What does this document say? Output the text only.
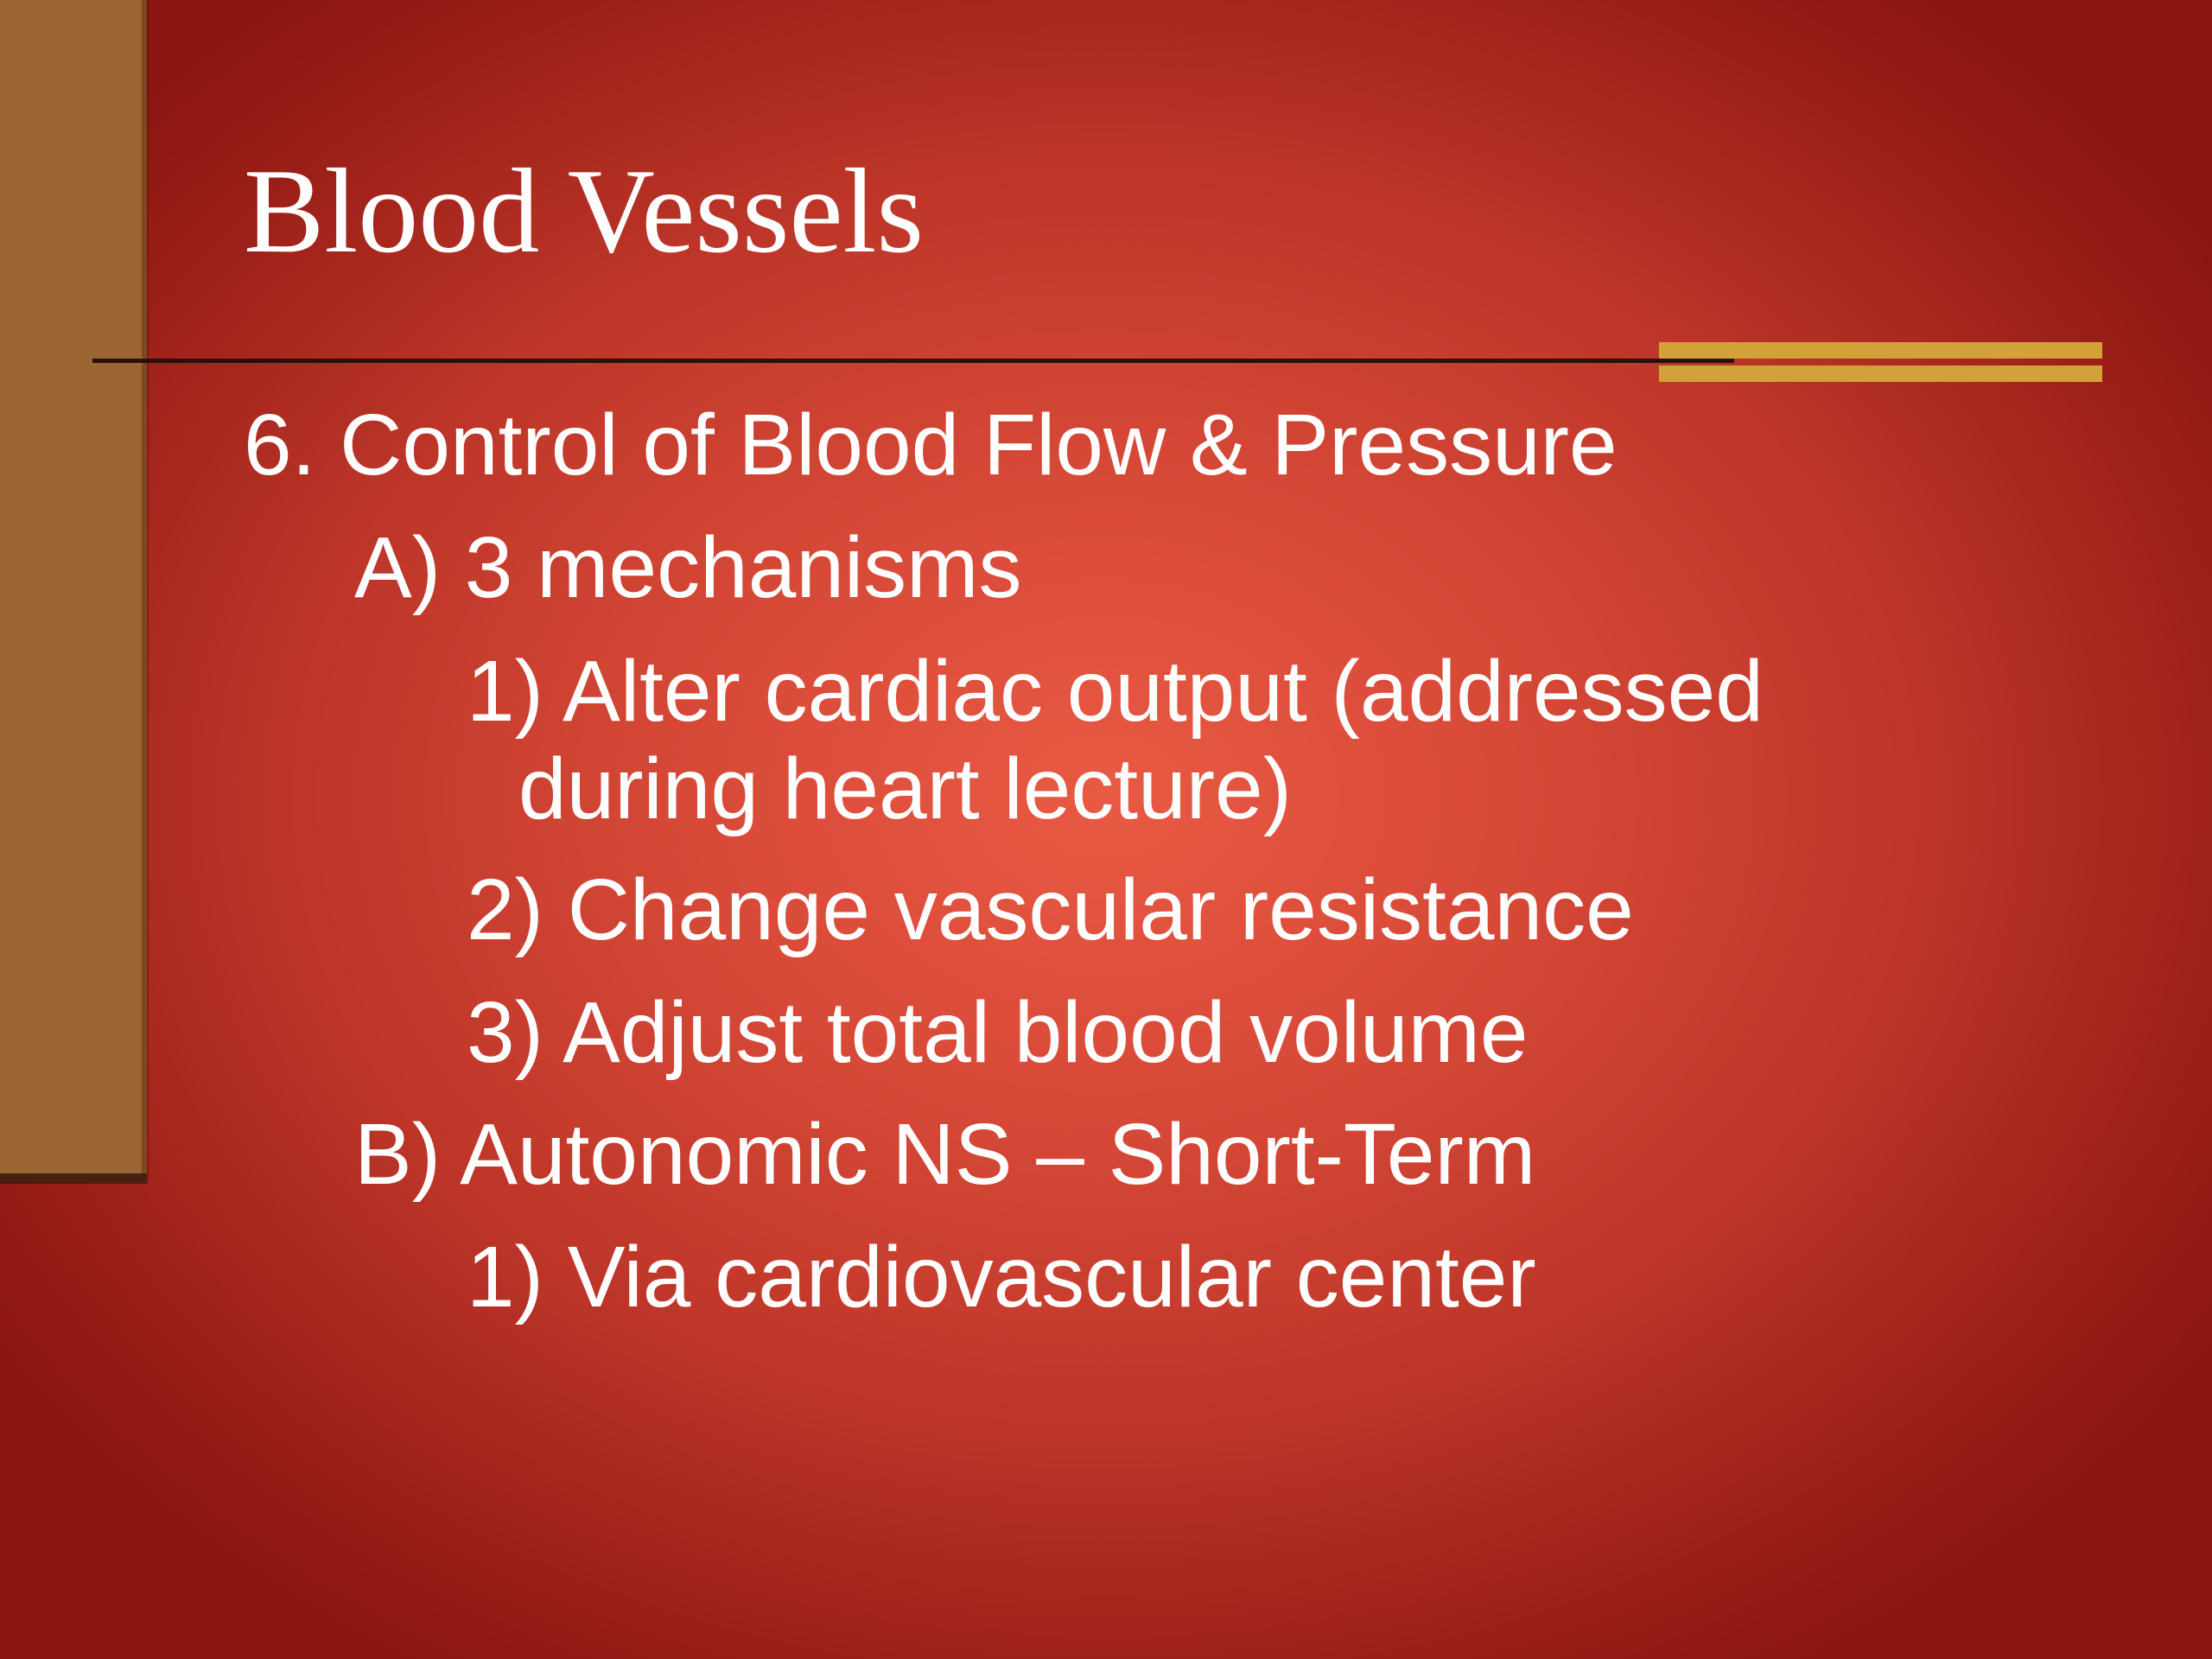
Blood Vessels
6. Control of Blood Flow & Pressure
A) 3 mechanisms
1) Alter cardiac output (addressed
during heart lecture)
2) Change vascular resistance
3) Adjust total blood volume
B) Autonomic NS – Short-Term
1) Via cardiovascular center
